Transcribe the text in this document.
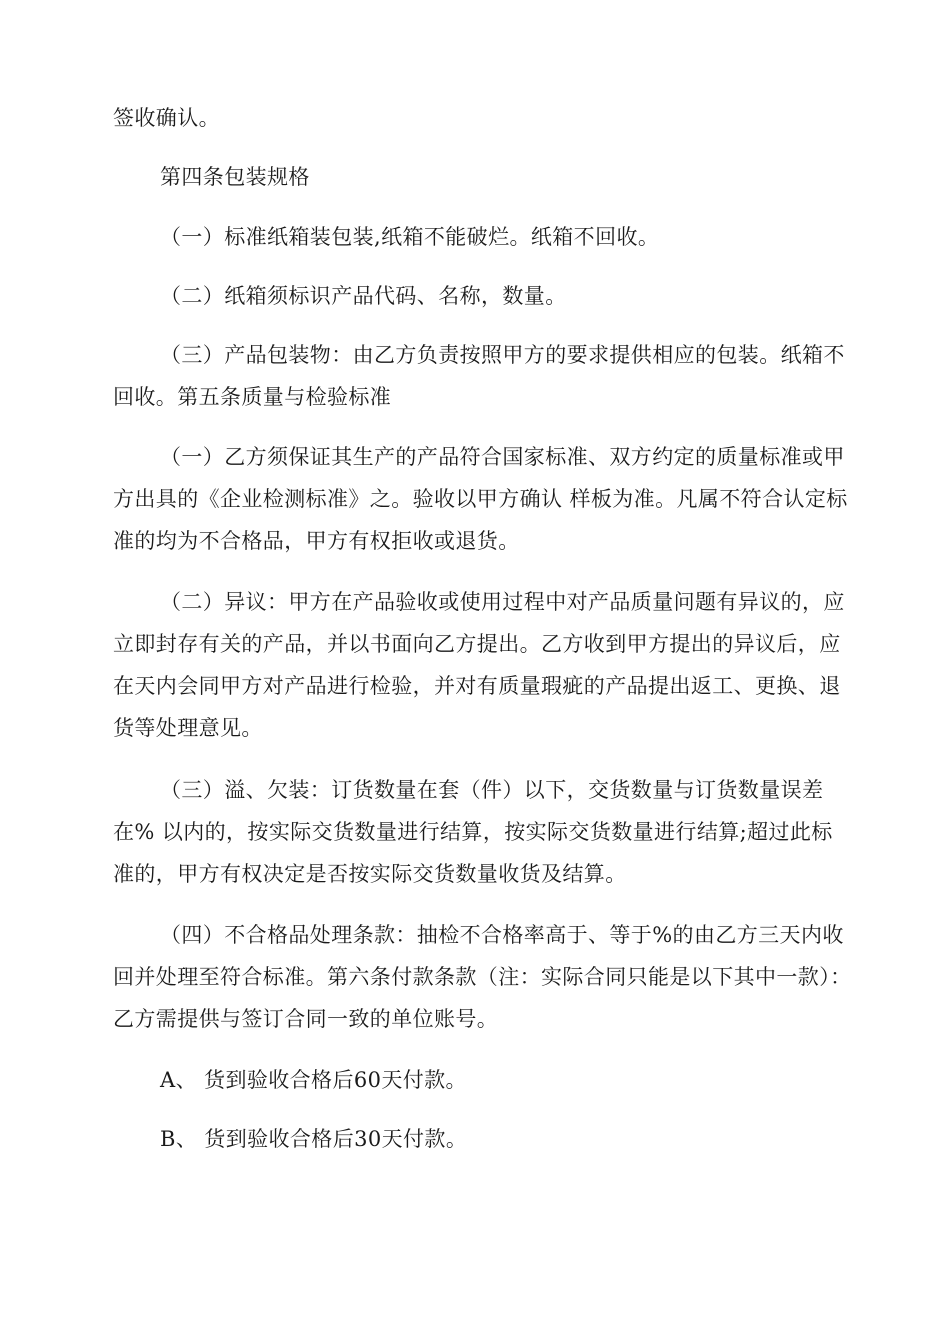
签收确认。

第四条包装规格

（一）标准纸箱装包装,纸箱不能破烂。纸箱不回收。

（二）纸箱须标识产品代码、名称，数量。

（三）产品包装物：由乙方负责按照甲方的要求提供相应的包装。纸箱不回收。第五条质量与检验标准

（一）乙方须保证其生产的产品符合国家标准、双方约定的质量标准或甲方出具的《企业检测标准》之。验收以甲方确认 样板为准。凡属不符合认定标准的均为不合格品，甲方有权拒收或退货。

（二）异议：甲方在产品验收或使用过程中对产品质量问题有异议的，应立即封存有关的产品，并以书面向乙方提出。乙方收到甲方提出的异议后，应在天内会同甲方对产品进行检验，并对有质量瑕疵的产品提出返工、更换、退货等处理意见。

（三）溢、欠装：订货数量在套（件）以下，交货数量与订货数量误差在% 以内的，按实际交货数量进行结算，按实际交货数量进行结算;超过此标 准的，甲方有权决定是否按实际交货数量收货及结算。

（四）不合格品处理条款：抽检不合格率高于、等于%的由乙方三天内收回并处理至符合标准。第六条付款条款（注：实际合同只能是以下其中一款）：乙方需提供与签订合同一致的单位账号。

A、 货到验收合格后60天付款。

B、 货到验收合格后30天付款。
